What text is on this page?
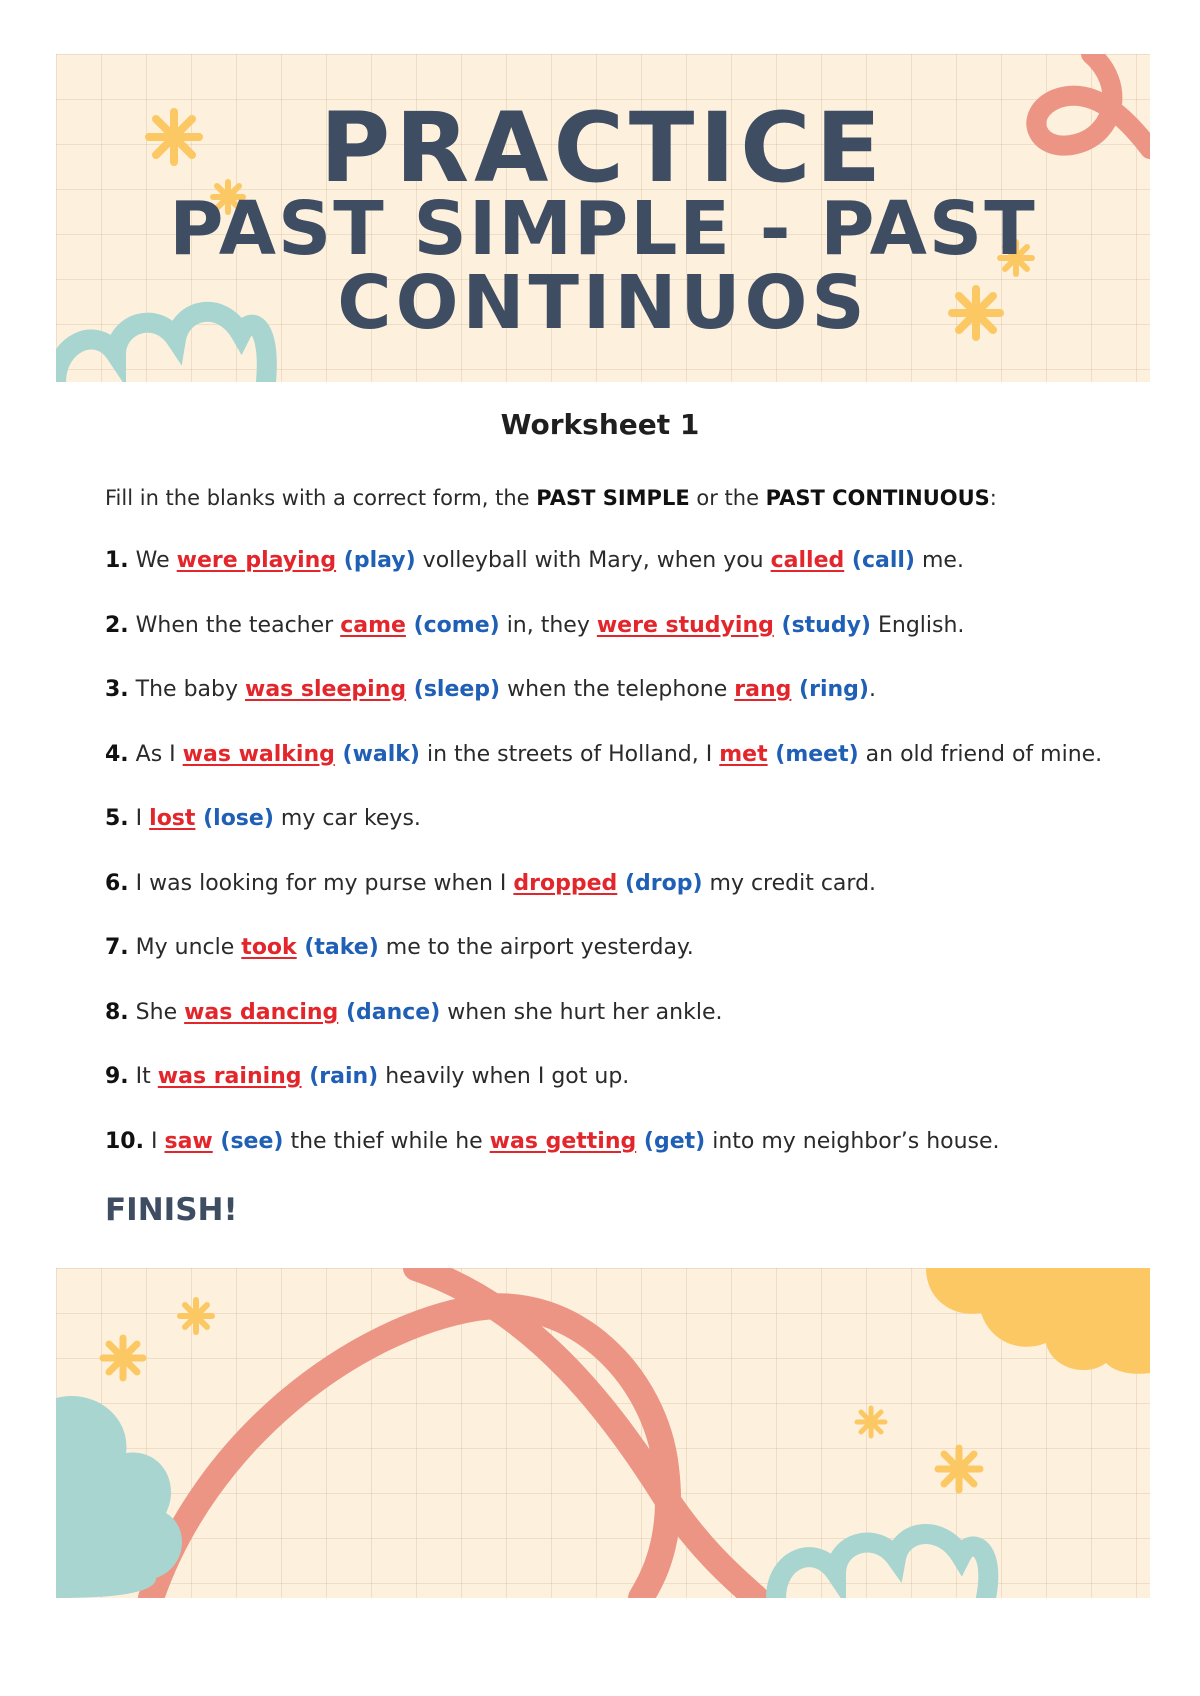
PRACTICE
PAST SIMPLE - PAST
CONTINUOS
Worksheet 1
Fill in the blanks with a correct form, the PAST SIMPLE or the PAST CONTINUOUS:
1. We were playing (play) volleyball with Mary, when you called (call) me.
2. When the teacher came (come) in, they were studying (study) English.
3. The baby was sleeping (sleep) when the telephone rang (ring).
4. As I was walking (walk) in the streets of Holland, I met (meet) an old friend of mine.
5. I lost (lose) my car keys.
6. I was looking for my purse when I dropped (drop) my credit card.
7. My uncle took (take) me to the airport yesterday.
8. She was dancing (dance) when she hurt her ankle.
9. It was raining (rain) heavily when I got up.
10. I saw (see) the thief while he was getting (get) into my neighbor’s house.
FINISH!
